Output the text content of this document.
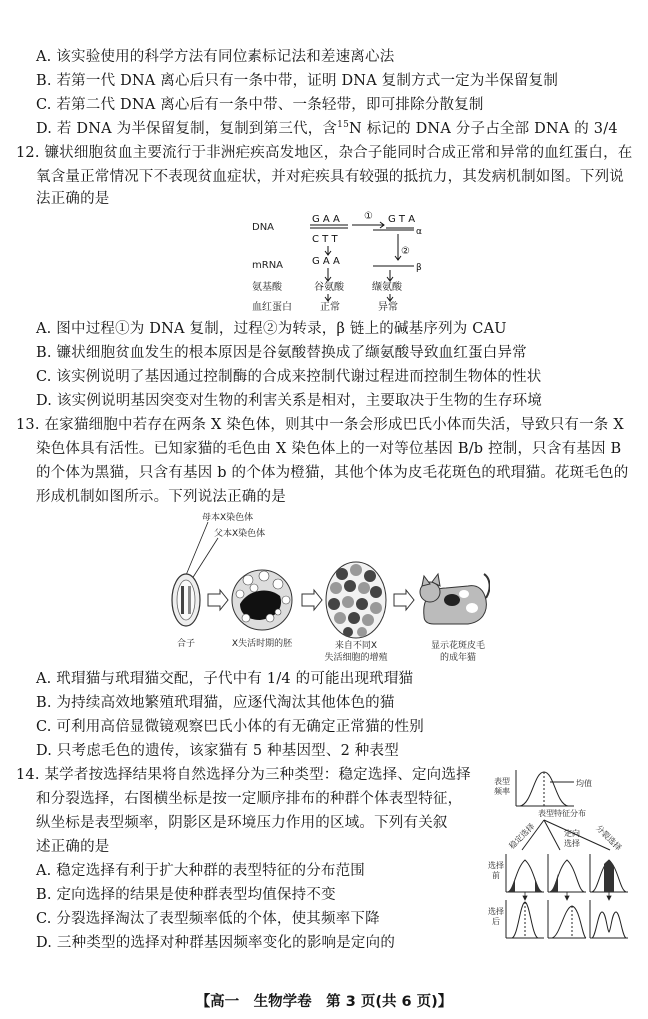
A. 该实验使用的科学方法有同位素标记法和差速离心法
B. 若第一代 DNA 离心后只有一条中带，证明 DNA 复制方式一定为半保留复制
C. 若第二代 DNA 离心后有一条中带、一条轻带，即可排除分散复制
D. 若 DNA 为半保留复制，复制到第三代，含$^{15}$N 标记的 DNA 分子占全部 DNA 的 3/4
12. 镰状细胞贫血主要流行于非洲疟疾高发地区，杂合子能同时合成正常和异常的血红蛋白，在
氧含量正常情况下不表现贫血症状，并对疟疾具有较强的抵抗力，其发病机制如图。下列说
法正确的是
DNA
mRNA
氨基酸
血红蛋白
G A A
C T T
G T A
①
α
②
β
G A A
谷氨酸	缬氨酸
正常	异常
A. 图中过程①为 DNA 复制，过程②为转录，β 链上的碱基序列为 CAU
B. 镰状细胞贫血发生的根本原因是谷氨酸替换成了缬氨酸导致血红蛋白异常
C. 该实例说明了基因通过控制酶的合成来控制代谢过程进而控制生物体的性状
D. 该实例说明基因突变对生物的利害关系是相对，主要取决于生物的生存环境
13. 在家猫细胞中若存在两条 X 染色体，则其中一条会形成巴氏小体而失活，导致只有一条 X
染色体具有活性。已知家猫的毛色由 X 染色体上的一对等位基因 B/b 控制，只含有基因 B
的个体为黑猫，只含有基因 b 的个体为橙猫，其他个体为皮毛花斑色的玳瑁猫。花斑毛色的
形成机制如图所示。下列说法正确的是
母本X染色体
父本X染色体
合子	X失活时期的胚	来自不同X
失活细胞的增殖
显示花斑皮毛
的成年猫
A. 玳瑁猫与玳瑁猫交配，子代中有 1/4 的可能出现玳瑁猫
B. 为持续高效地繁殖玳瑁猫，应逐代淘汰其他体色的猫
C. 可利用高倍显微镜观察巴氏小体的有无确定正常猫的性别
D. 只考虑毛色的遗传，该家猫有 5 种基因型、2 种表型
14. 某学者按选择结果将自然选择分为三种类型：稳定选择、定向选择
和分裂选择，右图横坐标是按一定顺序排布的种群个体表型特征，
纵坐标是表型频率，阴影区是环境压力作用的区域。下列有关叙
述正确的是
A. 稳定选择有利于扩大种群的表型特征的分布范围
B. 定向选择的结果是使种群表型均值保持不变
C. 分裂选择淘汰了表型频率低的个体，使其频率下降
D. 三种类型的选择对种群基因频率变化的影响是定向的
表型
频率
均值
表型特征分布
稳定选择	定向
选择 分裂选择
选择
前
选择
后
【高一　生物学卷　第 3 页(共 6 页)】
